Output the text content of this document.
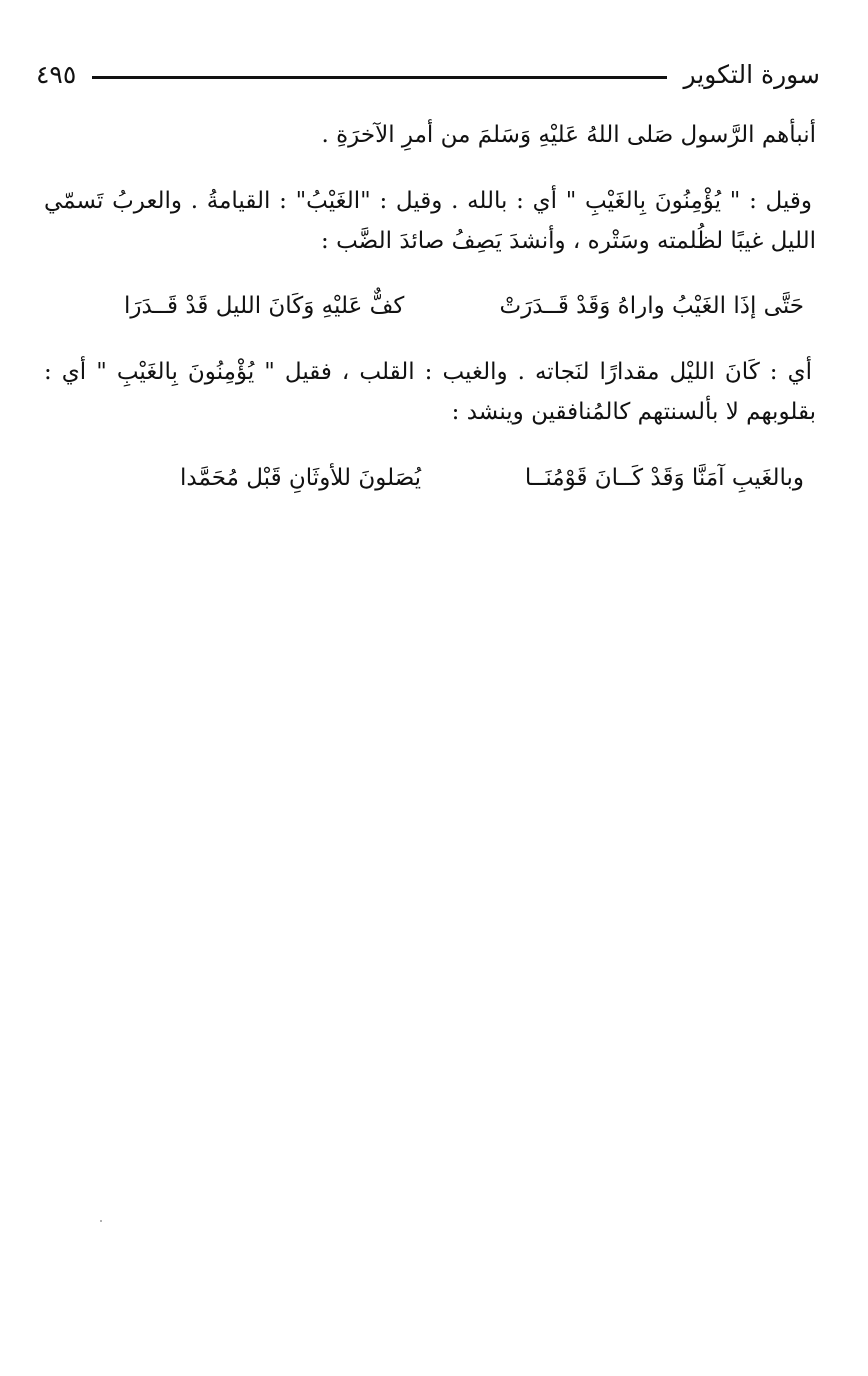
سورة التكوير
٤٩٥
أنبأهم الرَّسول صَلى اللهُ عَليْهِ وَسَلمَ من أمرِ الآخرَةِ .
وقيل : " يُؤْمِنُونَ بِالغَيْبِ " أي : بالله . وقيل : "الغَيْبُ" : القيامةُ . والعربُ تَسمّي
الليل غيبًا لظُلمته وسَتْره ، وأنشدَ يَصِفُ صائدَ الضَّب :
حَتَّى إذَا الغَيْبُ واراهُ وَقَدْ قَــدَرَتْ
كفٌّ عَليْهِ وَكَانَ الليل قَدْ قَــدَرَا
أي : كَانَ الليْل مقدارًا لنَجاته . والغيب : القلب ، فقيل " يُؤْمِنُونَ بِالغَيْبِ " أي :
بقلوبهم لا بألسنتهم كالمُنافقين وينشد :
وبالغَيبِ آمَنَّا وَقَدْ كَــانَ قَوْمُنَــا
يُصَلونَ للأوثَانِ قَبْل مُحَمَّدا
